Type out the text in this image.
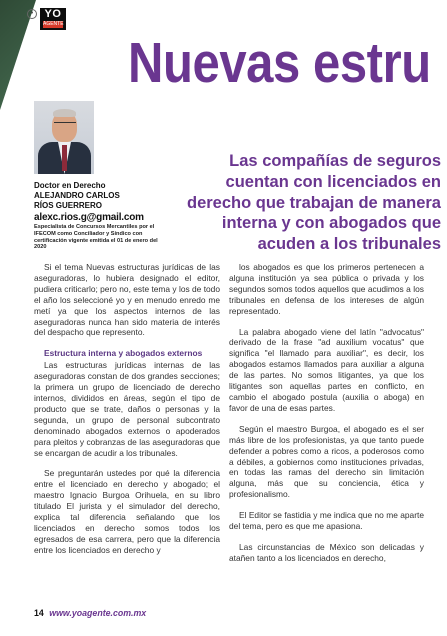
•	YO
AGENTE
Nuevas estru
Doctor en Derecho
ALEJANDRO CARLOS
RÍOS GUERRERO
alexc.rios.g@gmail.com
Especialista de Concursos Mercantiles por el IFECOM como Conciliador y Síndico con certificación vigente emitida el 01 de enero del 2020
Las compañías de seguros cuentan con licenciados en derecho que trabajan de manera interna y con abogados que acuden a los tribunales

Si el tema Nuevas estructuras jurídicas de las aseguradoras, lo hubiera designado el editor, pudiera criticarlo; pero no, este tema y los de todo el año los seleccioné yo y en menudo enredo me metí ya que los aspectos internos de las aseguradoras nunca han sido materia de interés del despacho que represento.

Estructura interna y abogados externos

Las estructuras jurídicas internas de las aseguradoras constan de dos grandes secciones; la primera un grupo de licenciado de derecho internos, divididos en áreas, según el tipo de producto que se trate, daños o personas y la segunda, un grupo de personal subcontrato denominado abogados externos o apoderados para pleitos y cobranzas de las aseguradoras que se encargan de acudir a los tribunales.

Se preguntarán ustedes por qué la diferencia entre el licenciado en derecho y abogado; el maestro Ignacio Burgoa Orihuela, en su libro titulado El jurista y el simulador del derecho, explica tal diferencia señalando que los licenciados en derecho somos todos los egresados de esa carrera, pero que la diferencia entre los licenciados en derecho y

los abogados es que los primeros pertenecen a alguna institución ya sea pública o privada y los segundos somos todos aquellos que acudimos a los tribunales en defensa de los intereses de algún representado.

La palabra abogado viene del latín "advocatus" derivado de la frase "ad auxilium vocatus" que significa "el llamado para auxiliar", es decir, los abogados estamos llamados para auxiliar a alguna de las partes. No somos litigantes, ya que los litigantes son aquellas partes en conflicto, en cambio el abogado postula (auxilia o aboga) en favor de una de esas partes.

Según el maestro Burgoa, el abogado es el ser más libre de los profesionistas, ya que tanto puede defender a pobres como a ricos, a poderosos como a débiles, a gobiernos como instituciones privadas, en todas las ramas del derecho sin limitación alguna, más que su conciencia, ética y profesionalismo.

El Editor se fastidia y me indica que no me aparte del tema, pero es que me apasiona.

Las circunstancias de México son delicadas y atañen tanto a los licenciados en derecho,

14 www.yoagente.com.mx
